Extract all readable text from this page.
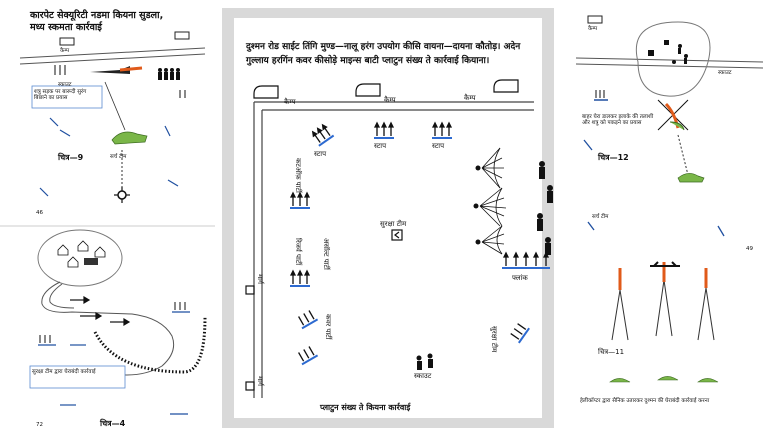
कारपेट सेक्यूरिटी नडमा कियना सुडला,
मध्य स्कमता कार्रवाई
कैम्प
स्काउट
शत्रु सड़क पर बारूदी सुरंग बिछाने का प्रयास
चित्र—9	सर्च टीम
46
सुरक्षा टीम द्वारा घेराबंदी कार्रवाई
चित्र—4
72
दुश्मन रोड साईट तिंगि मुण्ड—नालू हरंग उपयोग कीसि वायना—दायना कौतोड़। अदेन गुल्लाय हरगिंन कवर कीसोड़े माइन्स बाटी प्लाटुन संख्य ते कार्रवाई कियाना।
कैम्प	कैम्प	कैम्प
स्टाप
स्टाप	स्टाप
सुरक्षा टीम
फ्लांक
स्काउट
कटऑफ़ पार्टी
असॉल्ट पार्टी
रिजर्व पार्टी
कवर पार्टी	सुरक्षा टीम
मार्ग
मार्ग
प्लाटुन संख्य ते कियना कार्रवाई
कैम्प
स्काउट
बाहर घेरा डालकर इलाके की तलाशी और शत्रु को पकड़ने का प्रयास
चित्र—12
सर्च टीम
49
चित्र—11
हेलीकॉप्टर द्वारा सैनिक उतारकर दुश्मन की घेराबंदी कार्रवाई करना
